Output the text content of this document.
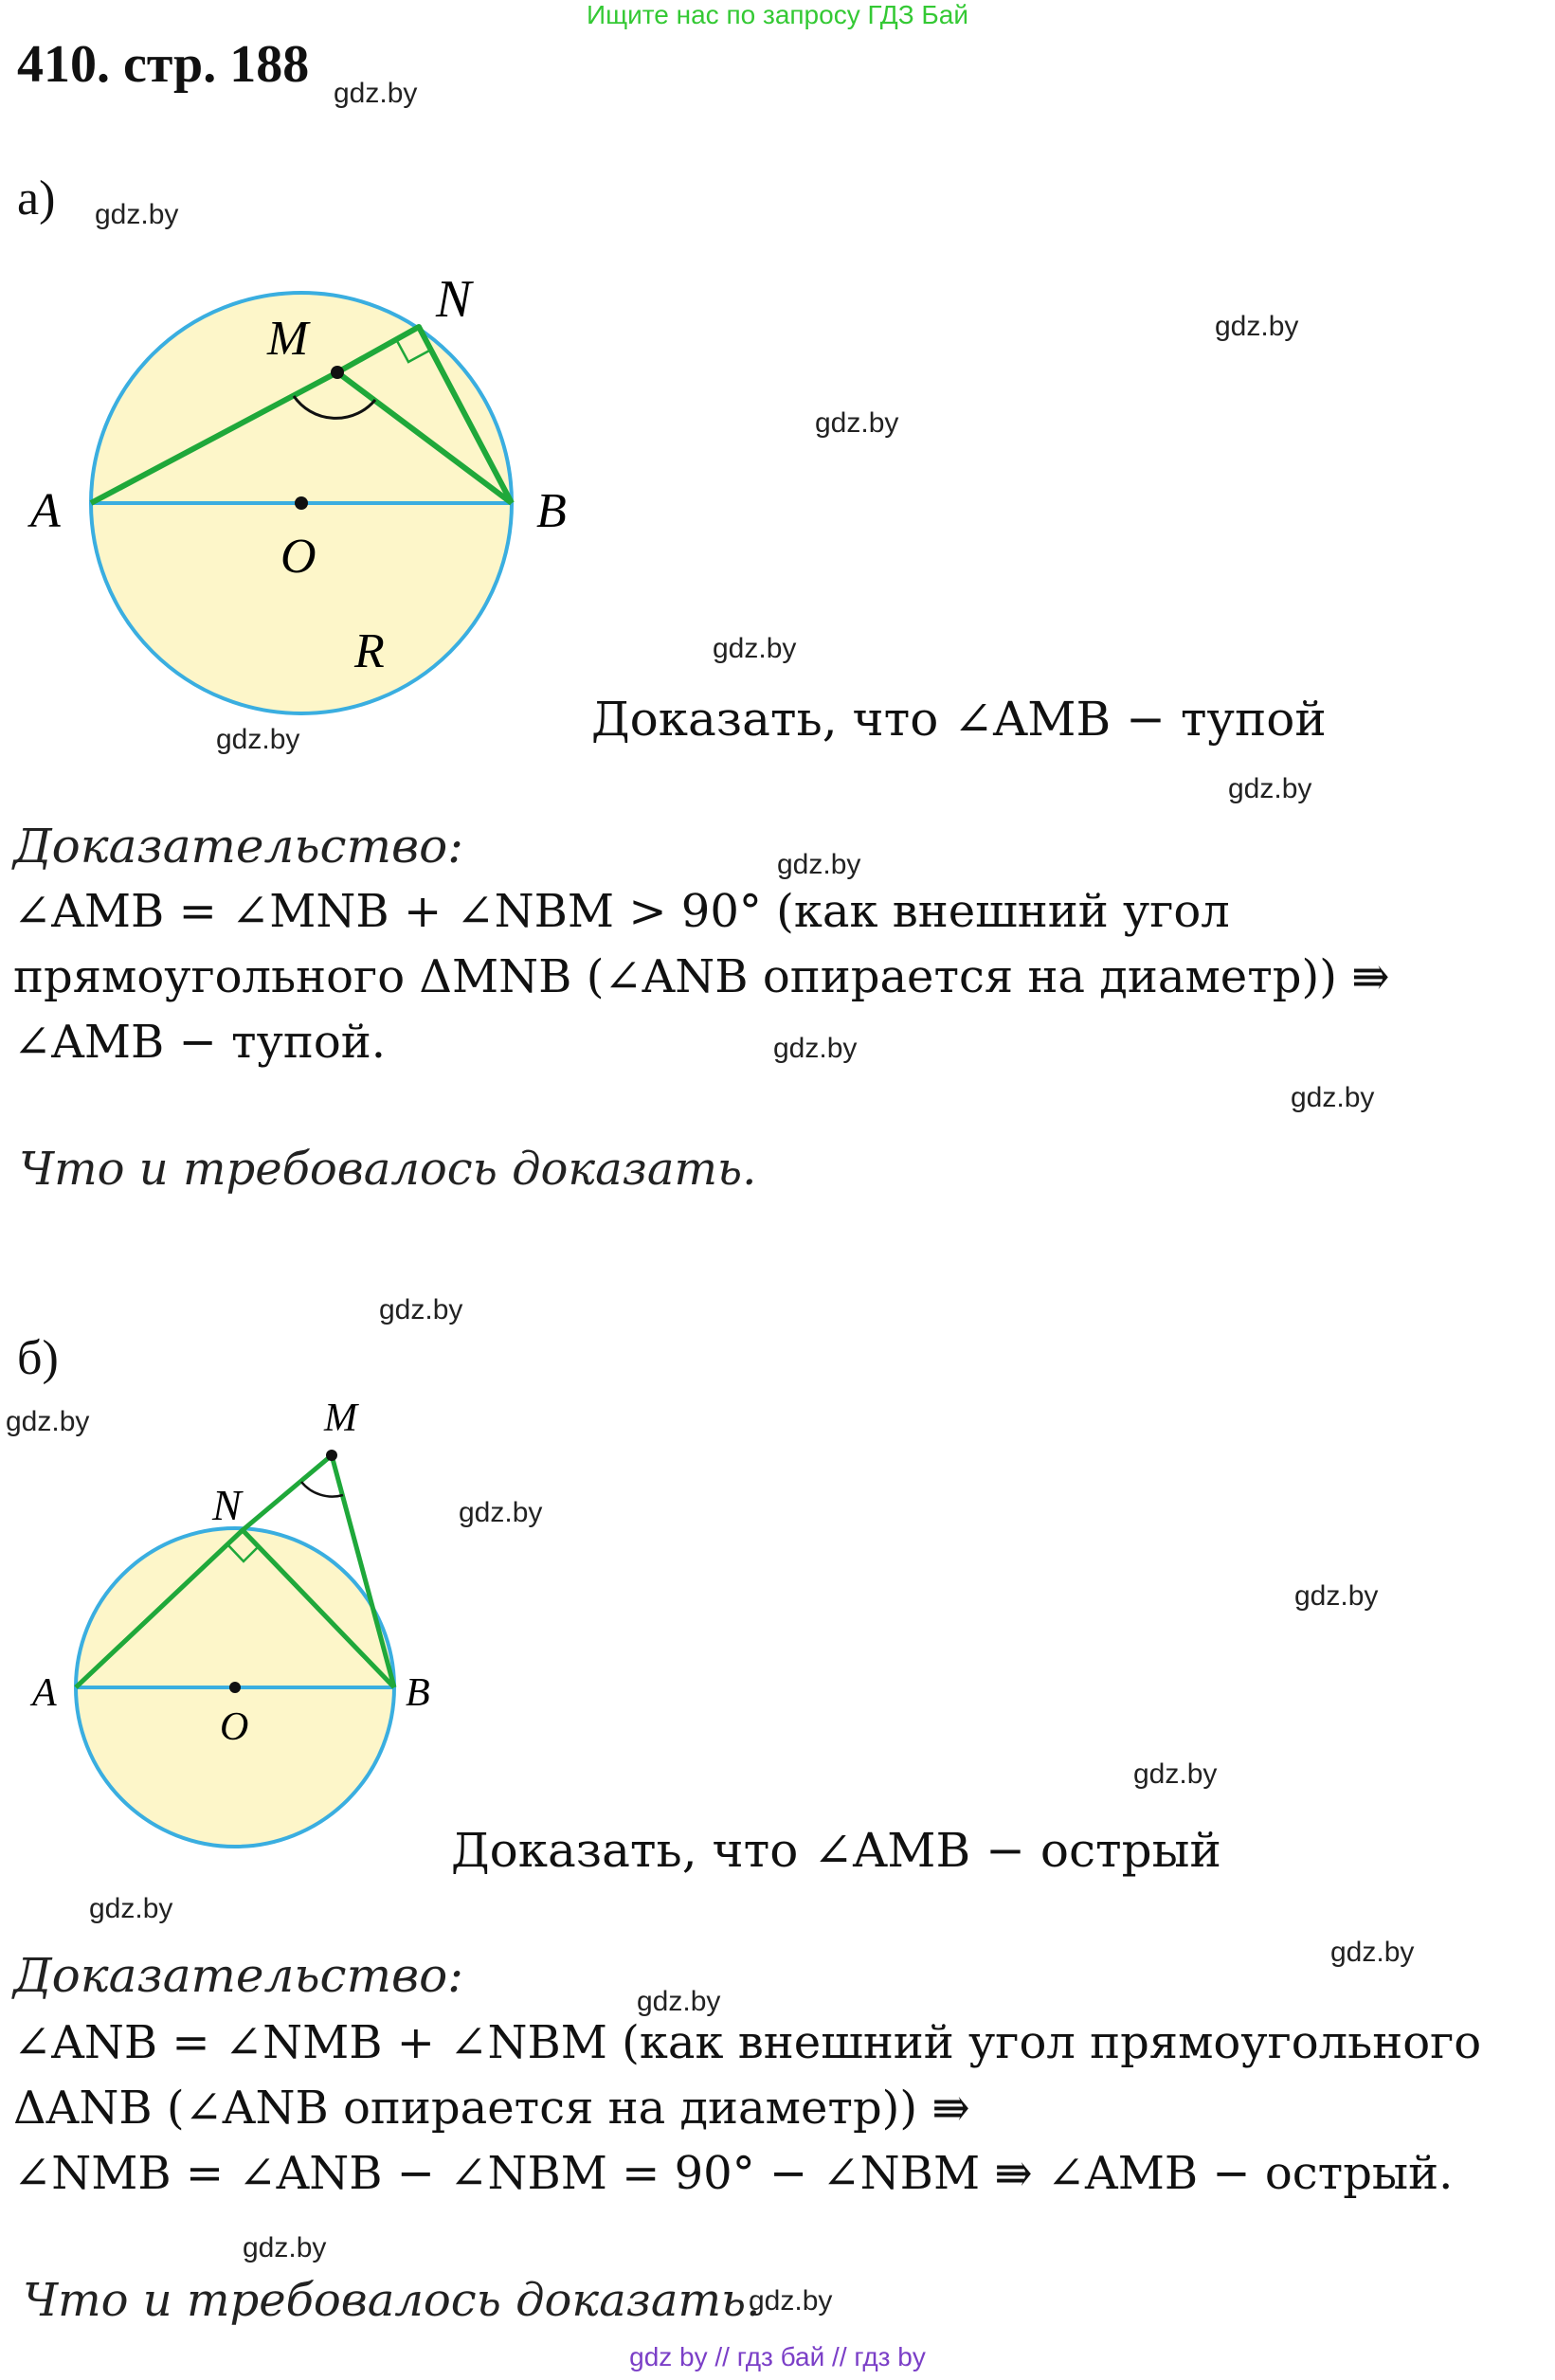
Ищите нас по запросу ГДЗ Бай
410. стр. 188 gdz.by
gdz.by
gdz.by
gdz.by
gdz.by
gdz.by
gdz.by
gdz.by
gdz.by
gdz.by
gdz.by
gdz.by
gdz.by
gdz.by
gdz.by
gdz.by
gdz.by
gdz.by
gdz.by
gdz.by
а)
A	B
M
N
O
R
Доказать, что ∠AMB − тупой
Доказательство:
∠AMB = ∠MNB + ∠NBM > 90° (как внешний угол
прямоугольного ΔMNB (∠ANB опирается на диаметр)) ⇛
∠AMB − тупой.
Что и требовалось доказать.
б)
A	B
M
N
O
Доказать, что ∠AMB − острый
Доказательство:
∠ANB = ∠NMB + ∠NBM (как внешний угол прямоугольного
ΔANB (∠ANB опирается на диаметр)) ⇛
∠NMB = ∠ANB − ∠NBM = 90° − ∠NBM ⇛ ∠AMB − острый.
Что и требовалось доказать.
gdz by // гдз бай // гдз by
